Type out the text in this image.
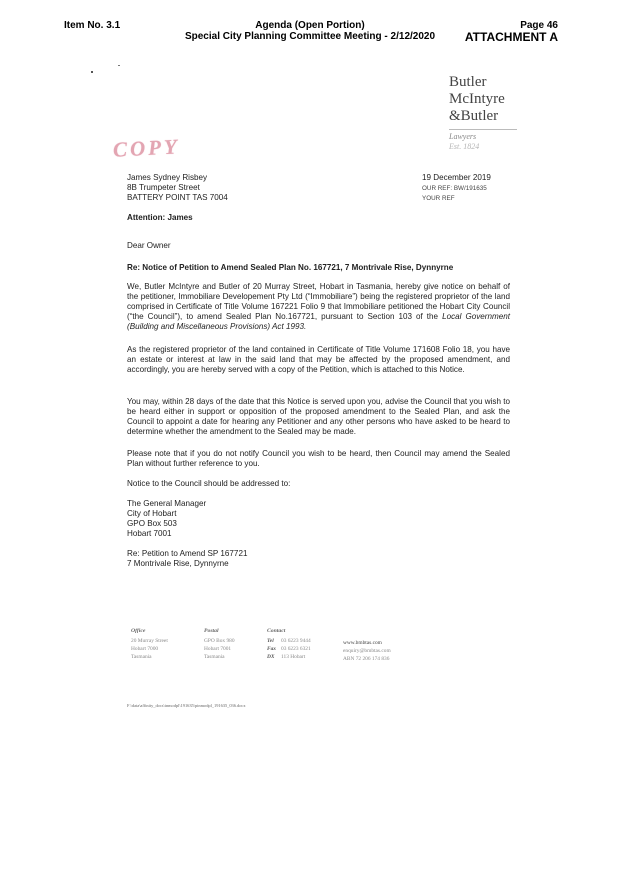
Item No. 3.1	Agenda (Open Portion)
Special City Planning Committee Meeting - 2/12/2020
Page 46
ATTACHMENT A
Butler
McIntyre
&Butler
Lawyers
Est. 1824
COPY
James Sydney Risbey
8B Trumpeter Street
BATTERY POINT TAS 7004
19 December 2019
OUR REF: BW/191635
YOUR REF
Attention: James
Dear Owner
Re: Notice of Petition to Amend Sealed Plan No. 167721, 7 Montrivale Rise, Dynnyrne
We, Butler McIntyre and Butler of 20 Murray Street, Hobart in Tasmania, hereby give notice on behalf of the petitioner, Immobiliare Developement Pty Ltd (“Immobiliare”) being the registered proprietor of the land comprised in Certificate of Title Volume 167221 Folio 9 that Immobiliare petitioned the Hobart City Council (“the Council”), to amend Sealed Plan No.167721, pursuant to Section 103 of the Local Government (Building and Miscellaneous Provisions) Act 1993.
As the registered proprietor of the land contained in Certificate of Title Volume 171608 Folio 18, you have an estate or interest at law in the said land that may be affected by the proposed amendment, and accordingly, you are hereby served with a copy of the Petition, which is attached to this Notice.
You may, within 28 days of the date that this Notice is served upon you, advise the Council that you wish to be heard either in support or opposition of the proposed amendment to the Sealed Plan, and ask the Council to appoint a date for hearing any Petitioner and any other persons who have asked to be heard to determine whether the amendment to the Sealed may be made.
Please note that if you do not notify Council you wish to be heard, then Council may amend the Sealed Plan without further reference to you.
Notice to the Council should be addressed to:
The General Manager
City of Hobart
GPO Box 503
Hobart 7001
Re: Petition to Amend SP 167721
7 Montrivale Rise, Dynnyrne
Office
20 Murray Street
Hobart 7000
Tasmania
Postal
GPO Box 980
Hobart 7001
Tasmania
Contact
Tel 03 6223 9444
Fax 03 6223 6321
DX 113 Hobart
www.bmbtas.com
enquiry@bmbtas.com
ABN 72 206 174 836
F:\data\affinity_docs\inmodpl\191635\pinmodpl_191635_036.docx
